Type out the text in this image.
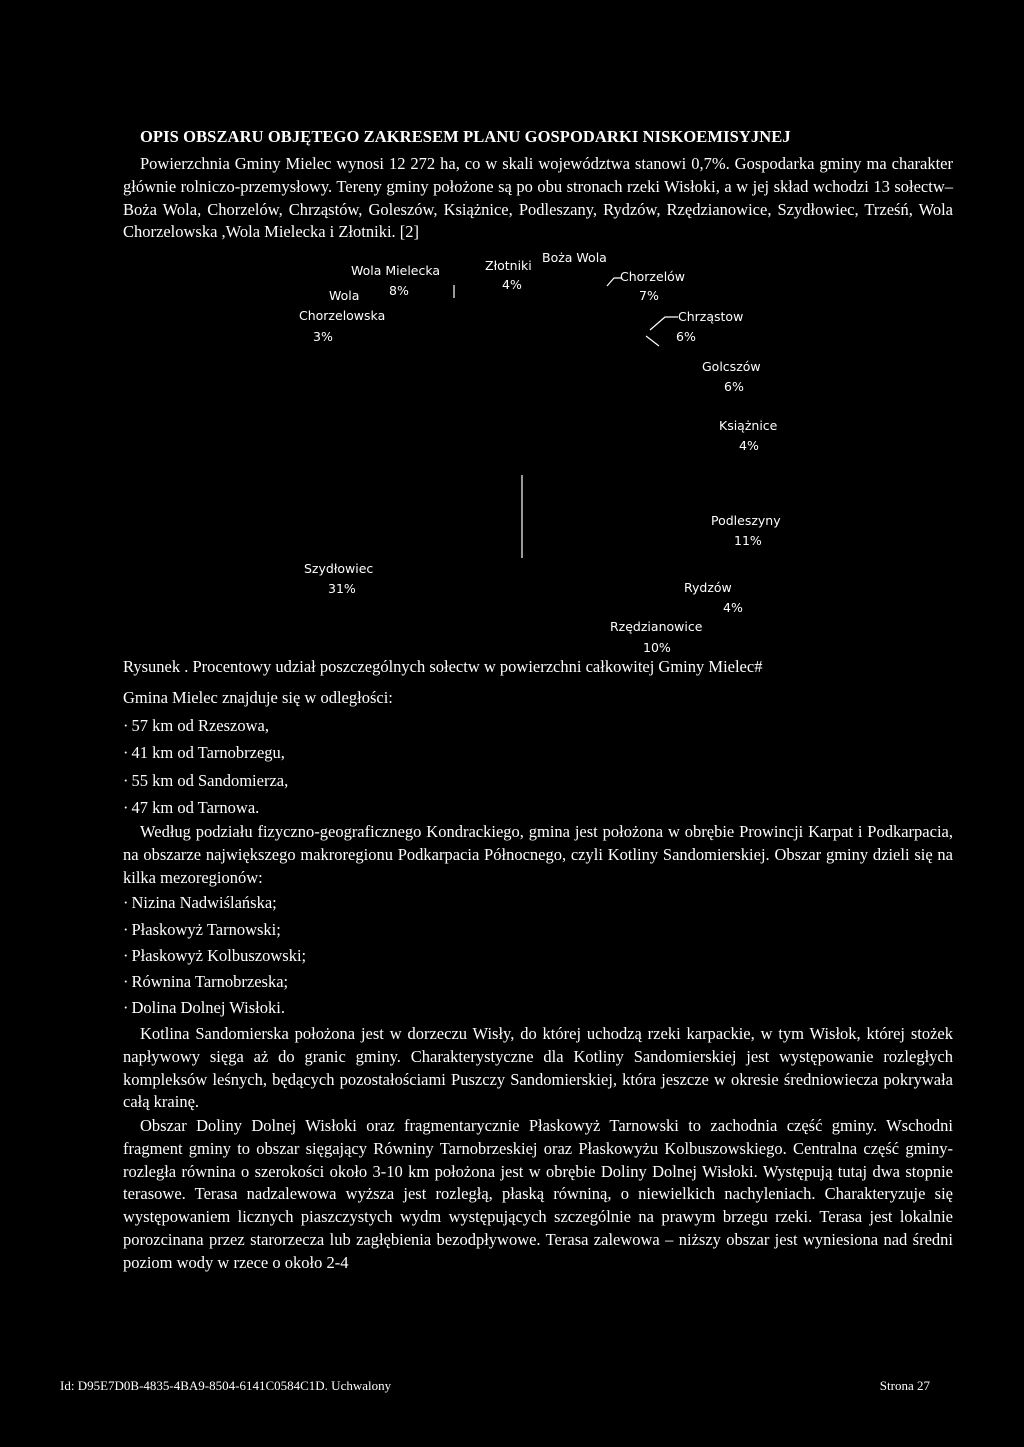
OPIS OBSZARU OBJĘTEGO ZAKRESEM PLANU GOSPODARKI NISKOEMISYJNEJ

Powierzchnia Gminy Mielec wynosi 12 272 ha, co w skali województwa stanowi 0,7%. Gospodarka gminy ma charakter głównie rolniczo-przemysłowy. Tereny gminy położone są po obu stronach rzeki Wisłoki, a w jej skład wchodzi 13 sołectw– Boża Wola, Chorzelów, Chrząstów, Goleszów, Książnice, Podleszany, Rydzów, Rzędzianowice, Szydłowiec, Trześń, Wola Chorzelowska ,Wola Mielecka i Złotniki. [2]

Złotniki
4%
Boża Wola
Chorzelów
7%
Chrząstow
6%
Golcszów
6%
Książnice
4%
Podleszyny
11%
Rydzów
4%
Rzędzianowice
10%
Szydłowiec
31%
Wola
Chorzelowska
3%
Wola Mielecka
8%
Rysunek . Procentowy udział poszczególnych sołectw w powierzchni całkowitej Gminy Mielec#
Gmina Mielec znajduje się w odległości:
· 57 km od Rzeszowa,
· 41 km od Tarnobrzegu,
· 55 km od Sandomierza,
· 47 km od Tarnowa.

Według podziału fizyczno-geograficznego Kondrackiego, gmina jest położona w obrębie Prowincji Karpat i Podkarpacia, na obszarze największego makroregionu Podkarpacia Północnego, czyli Kotliny Sandomierskiej. Obszar gminy dzieli się na kilka mezoregionów:

· Nizina Nadwiślańska;
· Płaskowyż Tarnowski;
· Płaskowyż Kolbuszowski;
· Równina Tarnobrzeska;
· Dolina Dolnej Wisłoki.

Kotlina Sandomierska położona jest w dorzeczu Wisły, do której uchodzą rzeki karpackie, w tym Wisłok, której stożek napływowy sięga aż do granic gminy. Charakterystyczne dla Kotliny Sandomierskiej jest występowanie rozległych kompleksów leśnych, będących pozostałościami Puszczy Sandomierskiej, która jeszcze w okresie średniowiecza pokrywała całą krainę.

Obszar Doliny Dolnej Wisłoki oraz fragmentarycznie Płaskowyż Tarnowski to zachodnia część gminy. Wschodni fragment gminy to obszar sięgający Równiny Tarnobrzeskiej oraz Płaskowyżu Kolbuszowskiego. Centralna część gminy- rozległa równina o szerokości około 3-10 km położona jest w obrębie Doliny Dolnej Wisłoki. Występują tutaj dwa stopnie terasowe. Terasa nadzalewowa wyższa jest rozległą, płaską równiną, o niewielkich nachyleniach. Charakteryzuje się występowaniem licznych piaszczystych wydm występujących szczególnie na prawym brzegu rzeki. Terasa jest lokalnie porozcinana przez starorzecza lub zagłębienia bezodpływowe. Terasa zalewowa – niższy obszar jest wyniesiona nad średni poziom wody w rzece o około 2-4

Id: D95E7D0B-4835-4BA9-8504-6141C0584C1D. Uchwalony	Strona 27
